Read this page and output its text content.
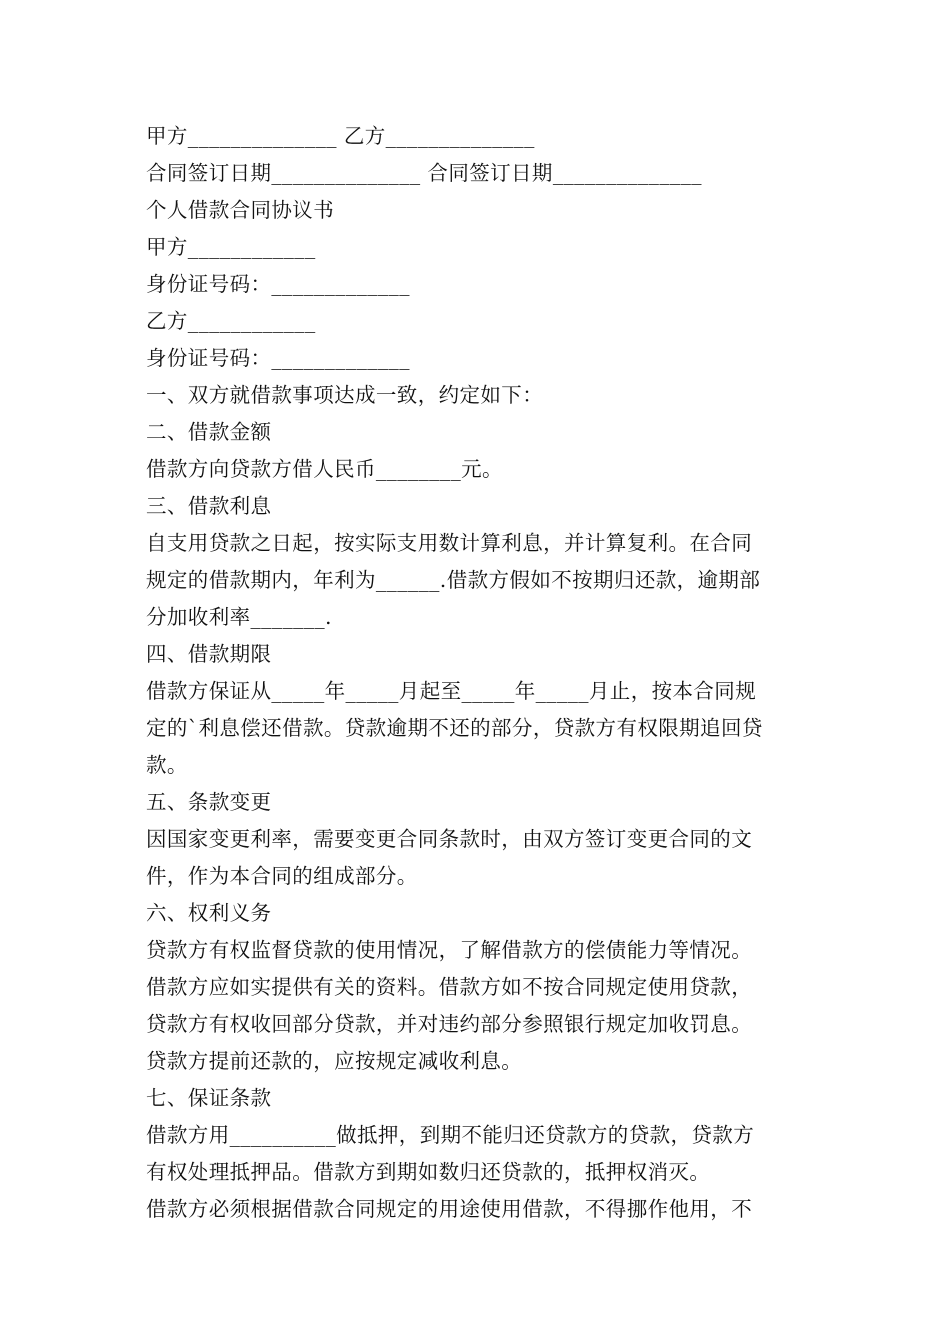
甲方______________ 乙方______________
合同签订日期______________ 合同签订日期______________
个人借款合同协议书
甲方____________
身份证号码：_____________
乙方____________
身份证号码：_____________
一、双方就借款事项达成一致，约定如下：
二、借款金额
借款方向贷款方借人民币________元。
三、借款利息
自支用贷款之日起，按实际支用数计算利息，并计算复利。在合同
规定的借款期内，年利为______.借款方假如不按期归还款，逾期部
分加收利率_______.
四、借款期限
借款方保证从_____年_____月起至_____年_____月止，按本合同规
定的`利息偿还借款。贷款逾期不还的部分，贷款方有权限期追回贷
款。
五、条款变更
因国家变更利率，需要变更合同条款时，由双方签订变更合同的文
件，作为本合同的组成部分。
六、权利义务
贷款方有权监督贷款的使用情况，了解借款方的偿债能力等情况。
借款方应如实提供有关的资料。借款方如不按合同规定使用贷款，
贷款方有权收回部分贷款，并对违约部分参照银行规定加收罚息。
贷款方提前还款的，应按规定减收利息。
七、保证条款
借款方用__________做抵押，到期不能归还贷款方的贷款，贷款方
有权处理抵押品。借款方到期如数归还贷款的，抵押权消灭。
借款方必须根据借款合同规定的用途使用借款，不得挪作他用，不
